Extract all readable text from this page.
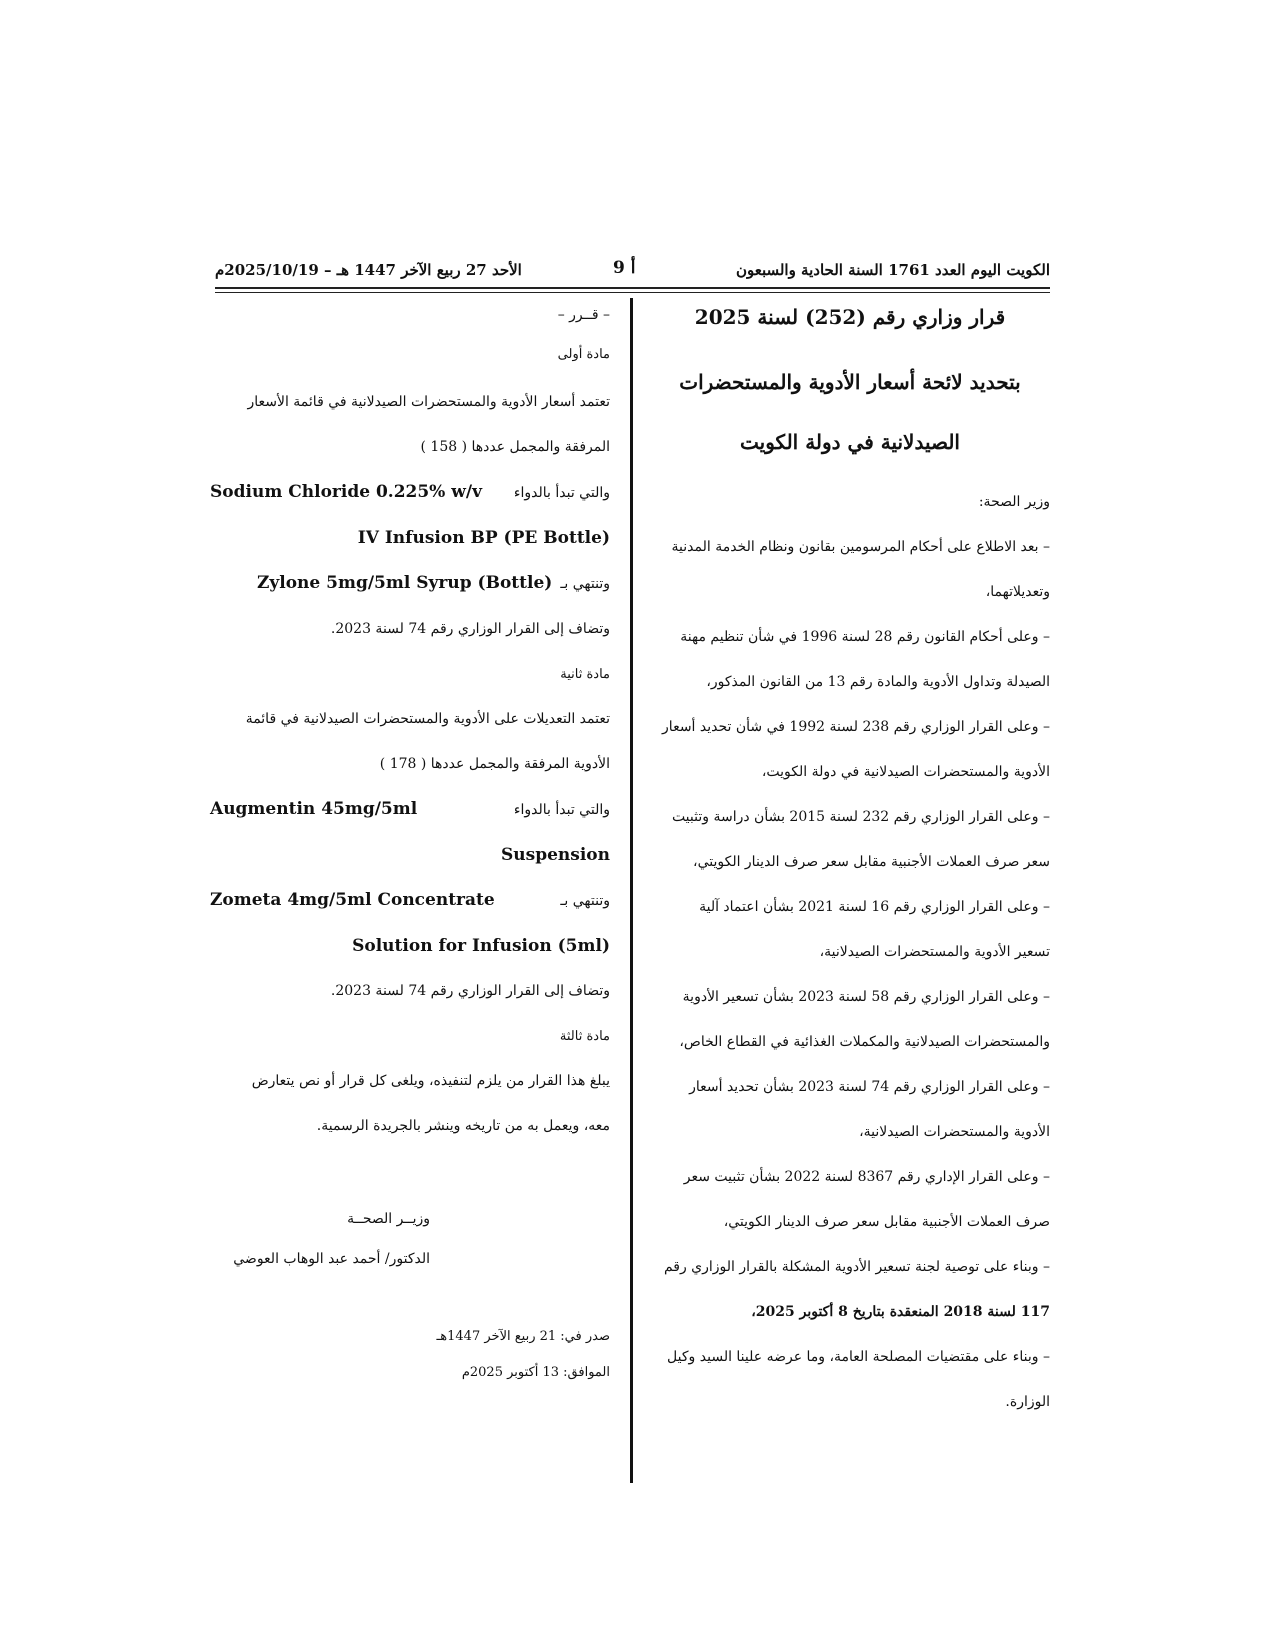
الكويت اليوم العدد 1761 السنة الحادية والسبعون
أ 9
الأحد 27 ربيع الآخر 1447 هـ – 2025/10/19م
قرار وزاري رقم (252) لسنة 2025
بتحديد لائحة أسعار الأدوية والمستحضرات
الصيدلانية في دولة الكويت

وزير الصحة:

– بعد الاطلاع على أحكام المرسومين بقانون ونظام الخدمة المدنية

وتعديلاتهما،

– وعلى أحكام القانون رقم 28 لسنة 1996 في شأن تنظيم مهنة

الصيدلة وتداول الأدوية والمادة رقم 13 من القانون المذكور،

– وعلى القرار الوزاري رقم 238 لسنة 1992 في شأن تحديد أسعار

الأدوية والمستحضرات الصيدلانية في دولة الكويت،

– وعلى القرار الوزاري رقم 232 لسنة 2015 بشأن دراسة وتثبيت

سعر صرف العملات الأجنبية مقابل سعر صرف الدينار الكويتي،

– وعلى القرار الوزاري رقم 16 لسنة 2021 بشأن اعتماد آلية

تسعير الأدوية والمستحضرات الصيدلانية،

– وعلى القرار الوزاري رقم 58 لسنة 2023 بشأن تسعير الأدوية

والمستحضرات الصيدلانية والمكملات الغذائية في القطاع الخاص،

– وعلى القرار الوزاري رقم 74 لسنة 2023 بشأن تحديد أسعار

الأدوية والمستحضرات الصيدلانية،

– وعلى القرار الإداري رقم 8367 لسنة 2022 بشأن تثبيت سعر

صرف العملات الأجنبية مقابل سعر صرف الدينار الكويتي،

– وبناء على توصية لجنة تسعير الأدوية المشكلة بالقرار الوزاري رقم

117 لسنة 2018 المنعقدة بتاريخ 8 أكتوبر 2025،

– وبناء على مقتضيات المصلحة العامة، وما عرضه علينا السيد وكيل

الوزارة.

– قــرر –

مادة أولى

تعتمد أسعار الأدوية والمستحضرات الصيدلانية في قائمة الأسعار

المرفقة والمجمل عددها ( 158 )

والتي تبدأ بالدواء
Sodium Chloride 0.225% w/v
IV Infusion BP (PE Bottle)
وتنتهي بـ
Zylone 5mg/5ml Syrup (Bottle)

وتضاف إلى القرار الوزاري رقم 74 لسنة 2023.

مادة ثانية

تعتمد التعديلات على الأدوية والمستحضرات الصيدلانية في قائمة

الأدوية المرفقة والمجمل عددها ( 178 )

والتي تبدأ بالدواء
Augmentin 45mg/5ml
Suspension
وتنتهي بـ
Zometa 4mg/5ml Concentrate
Solution for Infusion (5ml)

وتضاف إلى القرار الوزاري رقم 74 لسنة 2023.

مادة ثالثة

يبلغ هذا القرار من يلزم لتنفيذه، ويلغى كل قرار أو نص يتعارض

معه، ويعمل به من تاريخه وينشر بالجريدة الرسمية.

وزيــر الصحــة
الدكتور/ أحمد عبد الوهاب العوضي
صدر في: 21 ربيع الآخر 1447هـ
الموافق: 13 أكتوبر 2025م
